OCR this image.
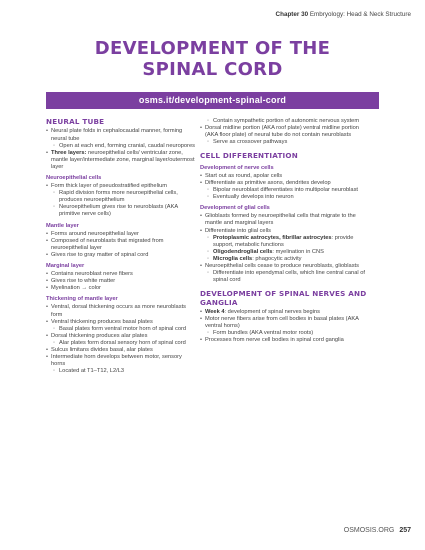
Chapter 30 Embryology: Head & Neck Structure
DEVELOPMENT OF THE
SPINAL CORD
osms.it/development-spinal-cord
NEURAL TUBE
• Neural plate folds in cephalocaudal manner, forming neural tube
◦ Open at each end, forming cranial, caudal neuropores
• Three layers: neuroepithelial cells/ ventricular zone, mantle layer/intermediate zone, marginal layer/outermost layer
Neuroepithelial cells
• Form thick layer of pseudostratified epithelium
◦ Rapid division forms more neuroepithelial cells, produces neuroepithelium
◦ Neuroepithelium gives rise to neuroblasts (AKA primitive nerve cells)
Mantle layer
• Forms around neuroepithelial layer
• Composed of neuroblasts that migrated from neuroepithelial layer
• Gives rise to gray matter of spinal cord
Marginal layer
• Contains neuroblast nerve fibers
• Gives rise to white matter
• Myelination → color
Thickening of mantle layer
• Ventral, dorsal thickening occurs as more neuroblasts form
• Ventral thickening produces basal plates
◦ Basal plates form ventral motor horn of spinal cord
• Dorsal thickening produces alar plates
◦ Alar plates form dorsal sensory horn of spinal cord
• Sulcus limitans divides basal, alar plates
• Intermediate horn develops between motor, sensory horns
◦ Located at T1–T12, L2/L3
◦ Contain sympathetic portion of autonomic nervous system
• Dorsal midline portion (AKA roof plate) ventral midline portion (AKA floor plate) of neural tube do not contain neuroblasts
◦ Serve as crossover pathways
CELL DIFFERENTIATION
Development of nerve cells
• Start out as round, apolar cells
• Differentiate as primitive axons, dendrites develop
◦ Bipolar neuroblast differentiates into multipolar neuroblast
◦ Eventually develops into neuron
Development of glial cells
• Glioblasts formed by neuroepithelial cells that migrate to the mantle and marginal layers
• Differentiate into glial cells
◦ Protoplasmic astrocytes, fibrillar astrocytes: provide support, metabolic functions
◦ Oligodendroglial cells: myelination in CNS
◦ Microglia cells: phagocytic activity
• Neuroepithelial cells cease to produce neuroblasts, glioblasts
◦ Differentiate into ependymal cells, which line central canal of spinal cord
DEVELOPMENT OF SPINAL NERVES AND GANGLIA
• Week 4: development of spinal nerves begins
• Motor nerve fibers arise from cell bodies in basal plates (AKA ventral horns)
◦ Form bundles (AKA ventral motor roots)
• Processes from nerve cell bodies in spinal cord ganglia
OSMOSIS.ORG 257
